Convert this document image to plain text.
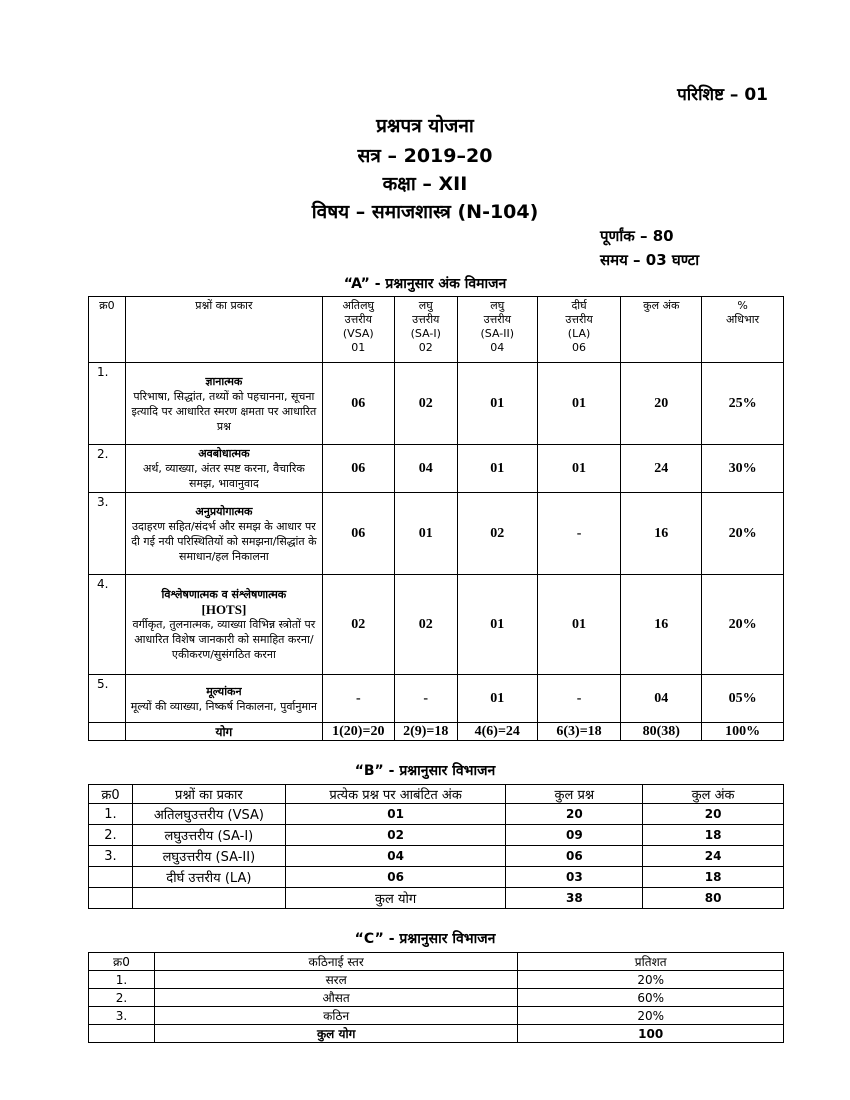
परिशिष्ट – 01
प्रश्नपत्र योजना
सत्र – 2019–20
कक्षा – XII
विषय – समाजशास्त्र (N-104)
पूर्णांक – 80
समय – 03 घण्टा
“A” - प्रश्नानुसार अंक विमाजन
क्र0	प्रश्नों का प्रकार	अतिलघु
उत्तरीय
(VSA)
01	लघु
उत्तरीय
(SA-I)
02	लघु
उत्तरीय
(SA-II)
04	दीर्घ
उत्तरीय
(LA)
06	कुल अंक	%
अधिभार
1.	ज्ञानात्मक
परिभाषा, सिद्धांत, तथ्यों को पहचानना, सूचना इत्यादि पर आधारित स्मरण क्षमता पर आधारित प्रश्न	06	02	01	01	20	25%
2.	अवबोधात्मक
अर्थ, व्याख्या, अंतर स्पष्ट करना, वैचारिक समझ, भावानुवाद	06	04	01	01	24	30%
3.	अनुप्रयोगात्मक
उदाहरण सहित/संदर्भ और समझ के आधार पर दी गई नयी परिस्थितियों को समझना/सिद्धांत के समाधान/हल निकालना	06	01	02	-	16	20%
4.	विश्लेषणात्मक व संश्लेषणात्मक
[HOTS]
वर्गीकृत, तुलनात्मक, व्याख्या विभिन्न स्त्रोतों पर आधारित विशेष जानकारी को समाहित करना/एकीकरण/सुसंगठित करना	02	02	01	01	16	20%
5.	मूल्यांकन
मूल्यों की व्याख्या, निष्कर्ष निकालना, पुर्वानुमान	-	-	01	-	04	05%
	योग	1(20)=20	2(9)=18	4(6)=24	6(3)=18	80(38)	100%
“B” - प्रश्नानुसार विभाजन
क्र0	प्रश्नों का प्रकार	प्रत्येक प्रश्न पर आबंटित अंक	कुल प्रश्न	कुल अंक
1.	अतिलघुउत्तरीय (VSA)	01	20	20
2.	लघुउत्तरीय (SA-I)	02	09	18
3.	लघुउत्तरीय (SA-II)	04	06	24
	दीर्घ उत्तरीय (LA)	06	03	18
		कुल योग	38	80
“C” - प्रश्नानुसार विभाजन
क्र0	कठिनाई स्तर	प्रतिशत
1.	सरल	20%
2.	औसत	60%
3.	कठिन	20%
	कुल योग	100
